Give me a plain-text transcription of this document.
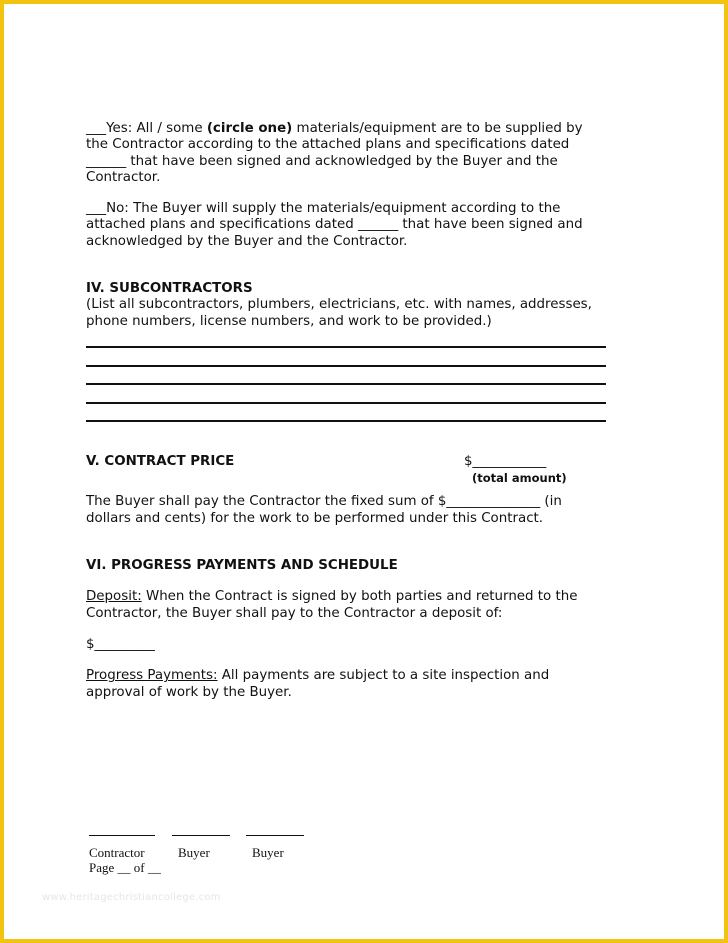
___Yes: All / some (circle one) materials/equipment are to be supplied by the Contractor according to the attached plans and specifications dated ______ that have been signed and acknowledged by the Buyer and the Contractor.

___No: The Buyer will supply the materials/equipment according to the attached plans and specifications dated ______ that have been signed and acknowledged by the Buyer and the Contractor.

IV. SUBCONTRACTORS

(List all subcontractors, plumbers, electricians, etc. with names, addresses, phone numbers, license numbers, and work to be provided.)

V. CONTRACT PRICE	$___________
(total amount)

The Buyer shall pay the Contractor the fixed sum of $______________ (in dollars and cents) for the work to be performed under this Contract.

VI. PROGRESS PAYMENTS AND SCHEDULE

Deposit: When the Contract is signed by both parties and returned to the Contractor, the Buyer shall pay to the Contractor a deposit of:

$_________

Progress Payments: All payments are subject to a site inspection and approval of work by the Buyer.

Contractor	Buyer	Buyer
Page __ of __
www.heritagechristiancollege.com
